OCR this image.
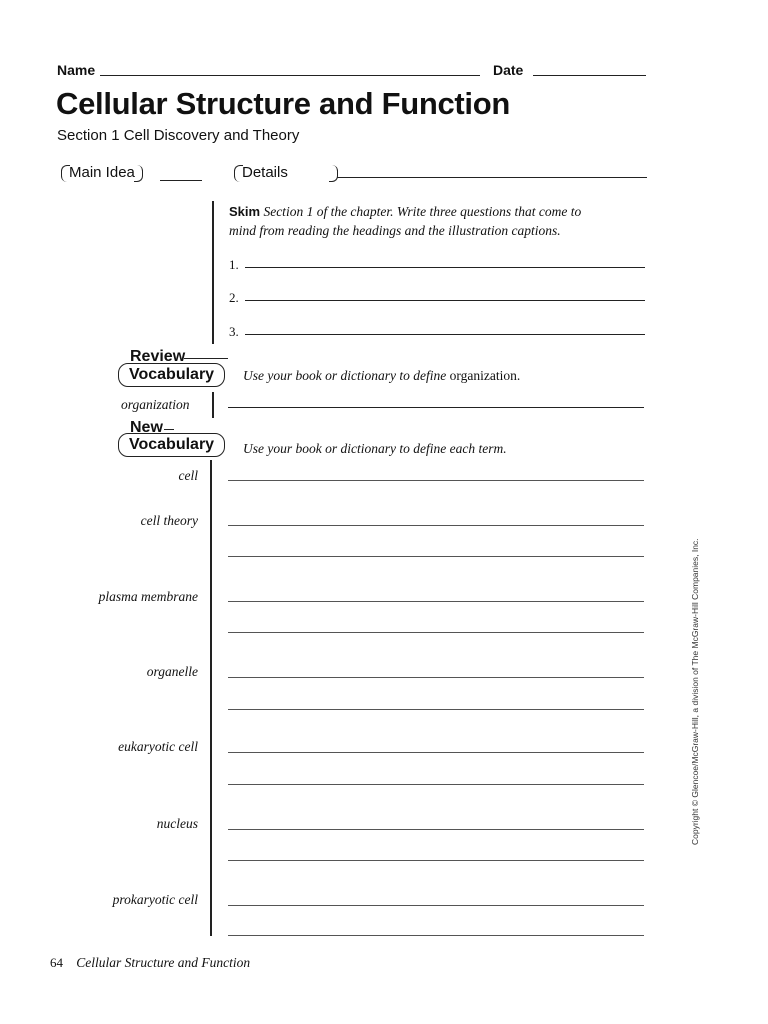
Name	Date
Cellular Structure and Function
Section 1 Cell Discovery and Theory
Main Idea	Details
Skim Section 1 of the chapter. Write three questions that come to
mind from reading the headings and the illustration captions.
1.
2.
3.
Review
Vocabulary	Use your book or dictionary to define organization.
organization
New
Vocabulary	Use your book or dictionary to define each term.
cell
cell theory
plasma membrane
organelle
eukaryotic cell
nucleus
prokaryotic cell
Copyright © Glencoe/McGraw-Hill, a division of The McGraw-Hill Companies, Inc.
64 Cellular Structure and Function
